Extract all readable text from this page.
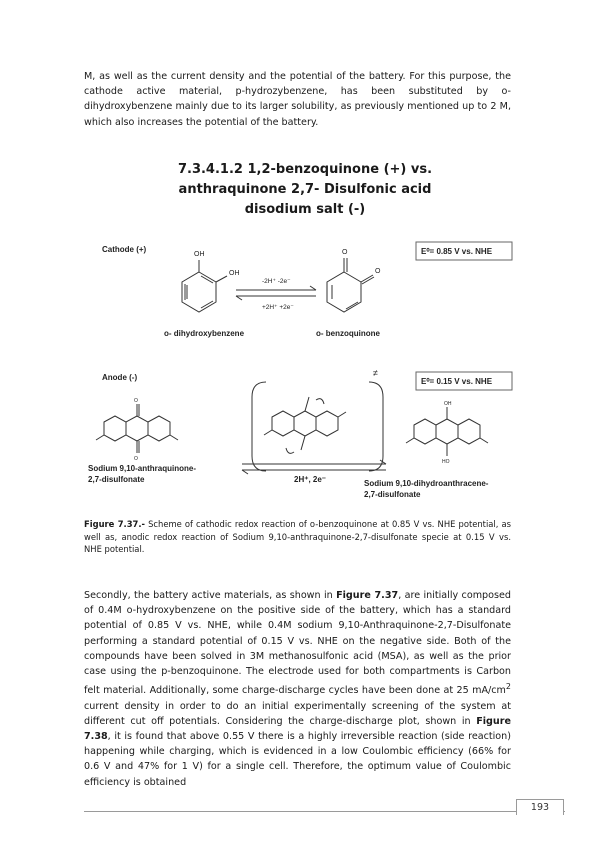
M, as well as the current density and the potential of the battery. For this purpose, the cathode active material, p-hydrozybenzene, has been substituted by o-dihydroxybenzene mainly due to its larger solubility, as previously mentioned up to 2 M, which also increases the potential of the battery.

7.3.4.1.2 1,2-benzoquinone (+) vs.
anthraquinone 2,7- Disulfonic acid
disodium salt (-)
Cathode (+)
Anode (-)
OH
OH
O
O
-2H⁺ -2e⁻
+2H⁺ +2e⁻
o- dihydroxybenzene	o- benzoquinone
E⁰= 0.85 V vs. NHE
E⁰= 0.15 V vs. NHE
≠
O
O
OH
HO
2H⁺, 2e⁻
Sodium 9,10-anthraquinone-
2,7-disulfonate	Sodium 9,10-dihydroanthracene-
2,7-disulfonate

Figure 7.37.- Scheme of cathodic redox reaction of o-benzoquinone at 0.85 V vs. NHE potential, as well as, anodic redox reaction of Sodium 9,10-anthraquinone-2,7-disulfonate specie at 0.15 V vs. NHE potential.

Secondly, the battery active materials, as shown in Figure 7.37, are initially composed of 0.4M o-hydroxybenzene on the positive side of the battery, which has a standard potential of 0.85 V vs. NHE, while 0.4M sodium 9,10-Anthraquinone-2,7-Disulfonate performing a standard potential of 0.15 V vs. NHE on the negative side. Both of the compounds have been solved in 3M methanosulfonic acid (MSA), as well as the prior case using the p-benzoquinone. The electrode used for both compartments is Carbon felt material. Additionally, some charge-discharge cycles have been done at 25 $mA/cm^2$ current density in order to do an initial experimentally screening of the system at different cut off potentials. Considering the charge-discharge plot, shown in Figure 7.38, it is found that above 0.55 V there is a highly irreversible reaction (side reaction) happening while charging, which is evidenced in a low Coulombic efficiency (66% for 0.6 V and 47% for 1 V) for a single cell. Therefore, the optimum value of Coulombic efficiency is obtained

193
